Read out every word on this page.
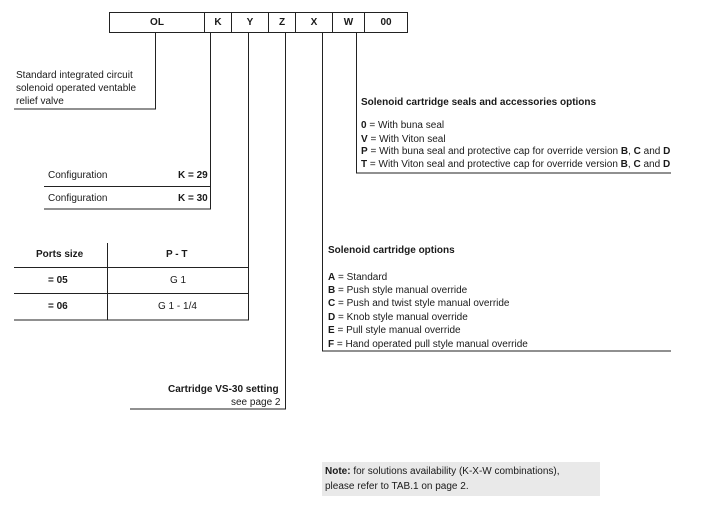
OL	K	Y	Z	X	W	00
Standard integrated circuit
solenoid operated ventable
relief valve	Solenoid cartridge seals and accessories options
0 = With buna seal
V = With Viton seal
P = With buna seal and protective cap for override version B, C and D
T = With Viton seal and protective cap for override version B, C and D
Configuration	K = 29
Configuration	K = 30
Ports size	P - T
= 05	G 1
= 06	G 1 - 1/4
Solenoid cartridge options
A = Standard
B = Push style manual override
C = Push and twist style manual override
D = Knob style manual override
E = Pull style manual override
F = Hand operated pull style manual override
Cartridge VS-30 setting
see page 2
Note: for solutions availability (K-X-W combinations),
please refer to TAB.1 on page 2.
